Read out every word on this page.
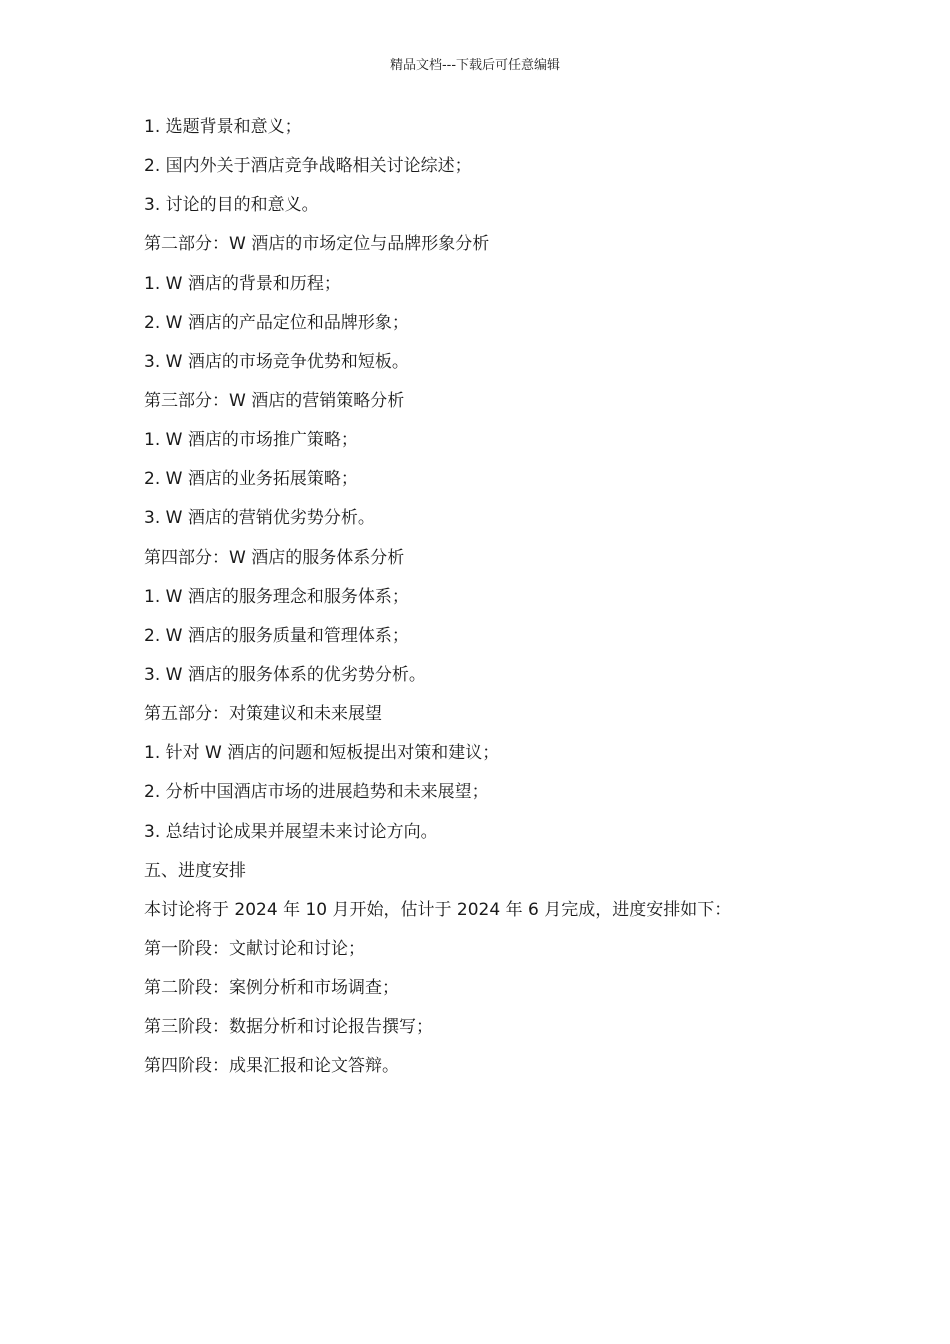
精品文档---下载后可任意编辑
1. 选题背景和意义；
2. 国内外关于酒店竞争战略相关讨论综述；
3. 讨论的目的和意义。
第二部分：W 酒店的市场定位与品牌形象分析
1. W 酒店的背景和历程；
2. W 酒店的产品定位和品牌形象；
3. W 酒店的市场竞争优势和短板。
第三部分：W 酒店的营销策略分析
1. W 酒店的市场推广策略；
2. W 酒店的业务拓展策略；
3. W 酒店的营销优劣势分析。
第四部分：W 酒店的服务体系分析
1. W 酒店的服务理念和服务体系；
2. W 酒店的服务质量和管理体系；
3. W 酒店的服务体系的优劣势分析。
第五部分：对策建议和未来展望
1. 针对 W 酒店的问题和短板提出对策和建议；
2. 分析中国酒店市场的进展趋势和未来展望；
3. 总结讨论成果并展望未来讨论方向。
五、进度安排
本讨论将于 2024 年 10 月开始，估计于 2024 年 6 月完成，进度安排如下：
第一阶段：文献讨论和讨论；
第二阶段：案例分析和市场调查；
第三阶段：数据分析和讨论报告撰写；
第四阶段：成果汇报和论文答辩。
